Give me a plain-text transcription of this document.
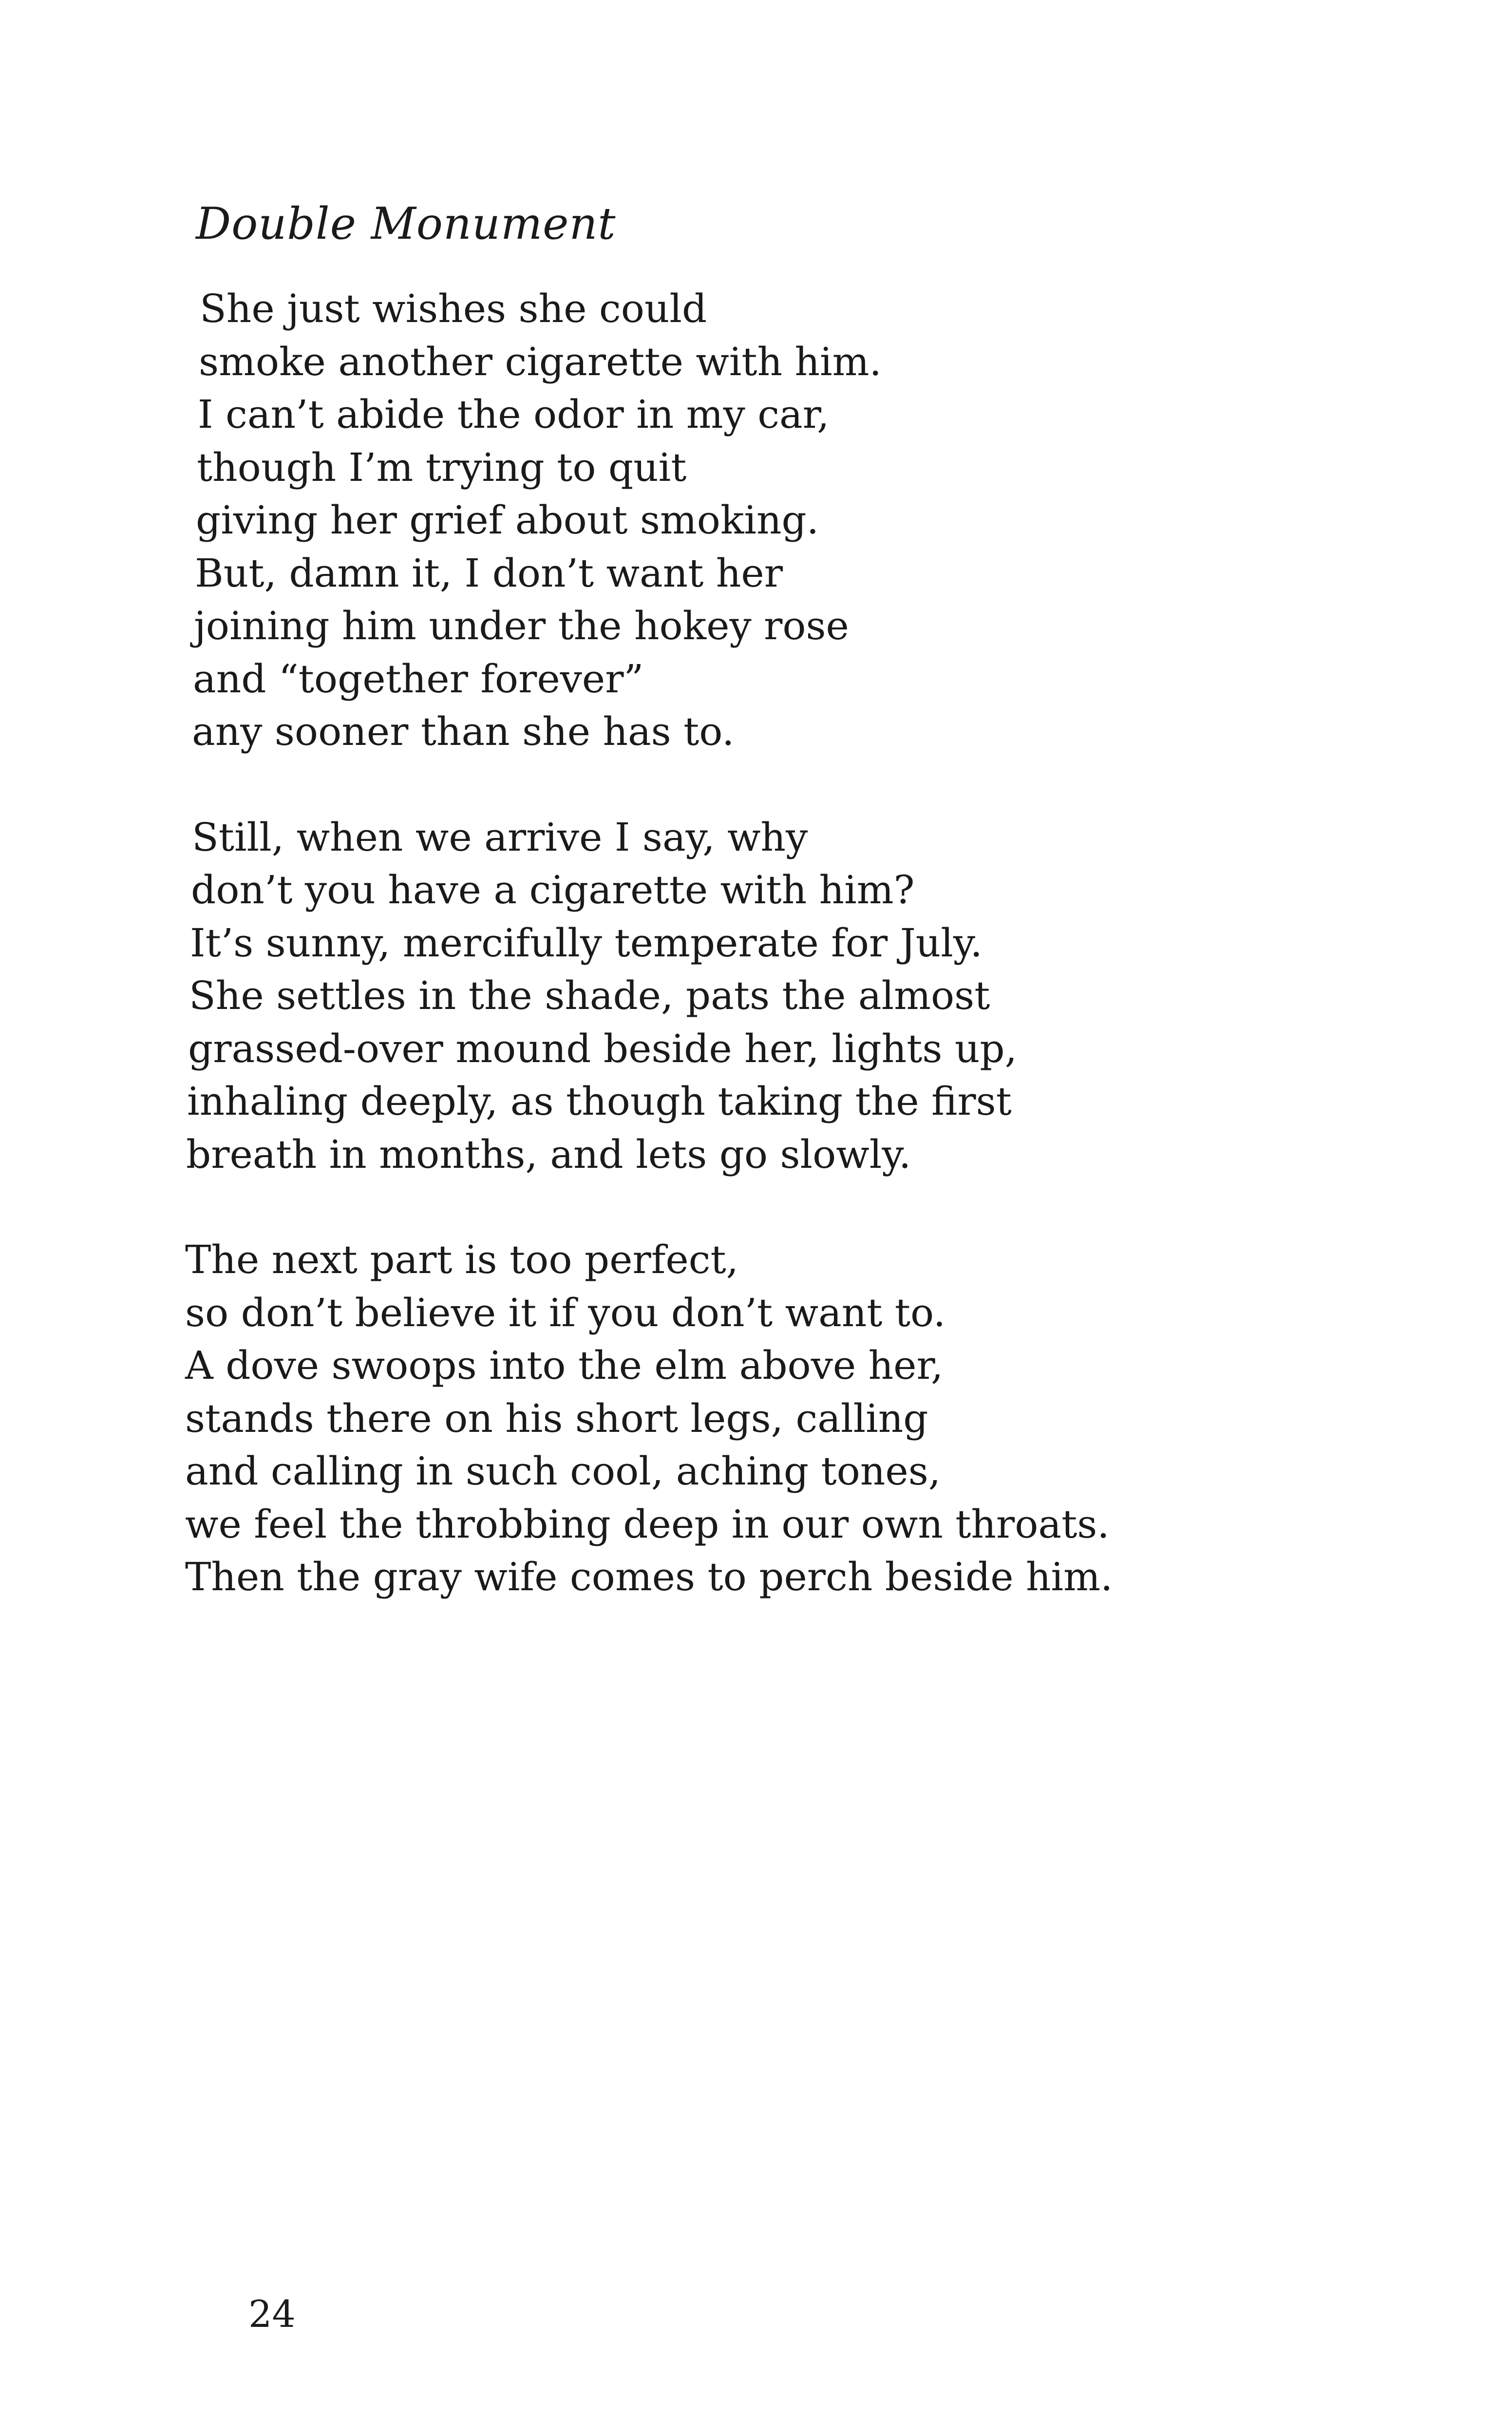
Double Monument
She just wishes she could
smoke another cigarette with him.
I can’t abide the odor in my car,
though I’m trying to quit
giving her grief about smoking.
But, damn it, I don’t want her
joining him under the hokey rose
and “together forever”
any sooner than she has to.
Still, when we arrive I say, why
don’t you have a cigarette with him?
It’s sunny, mercifully temperate for July.
She settles in the shade, pats the almost
grassed-over mound beside her, lights up,
inhaling deeply, as though taking the first
breath in months, and lets go slowly.
The next part is too perfect,
so don’t believe it if you don’t want to.
A dove swoops into the elm above her,
stands there on his short legs, calling
and calling in such cool, aching tones,
we feel the throbbing deep in our own throats.
Then the gray wife comes to perch beside him.
24
